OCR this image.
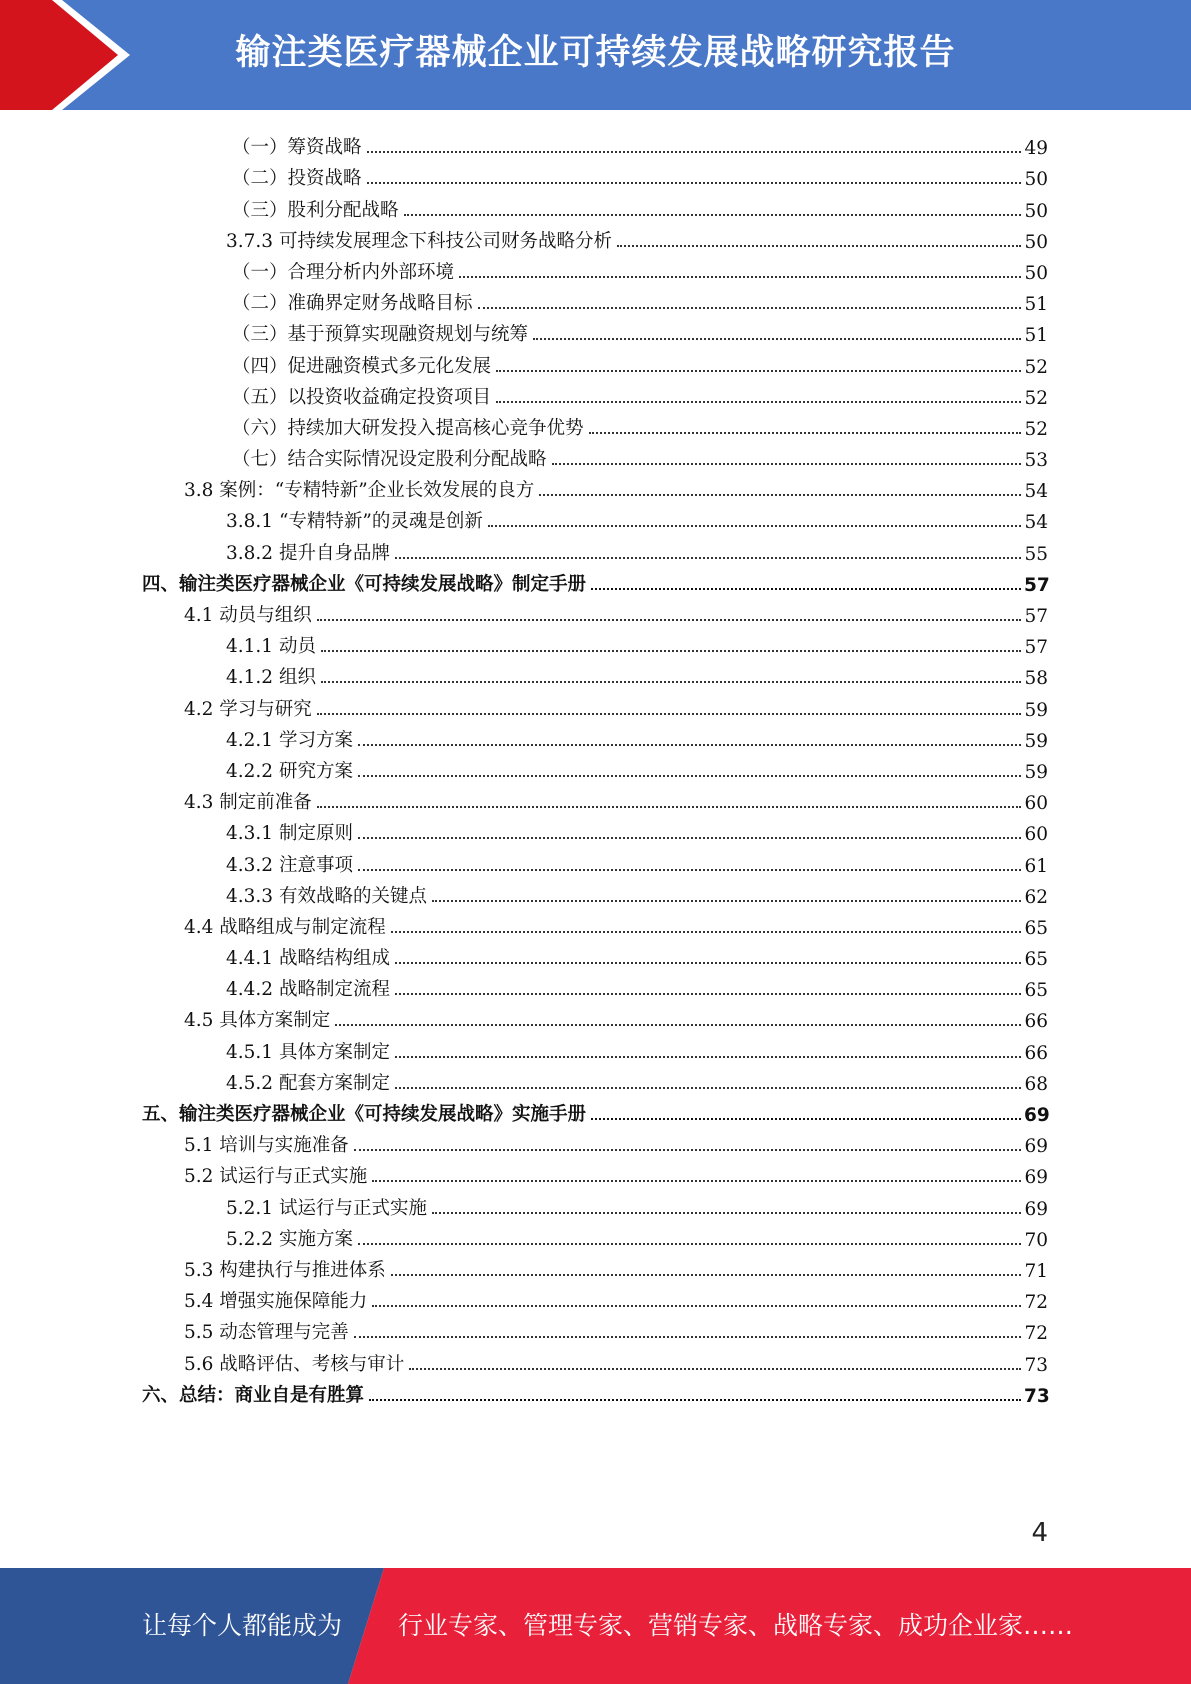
输注类医疗器械企业可持续发展战略研究报告
（一）筹资战略	49
（二）投资战略	50
（三）股利分配战略	50
3.7.3 可持续发展理念下科技公司财务战略分析	50
（一）合理分析内外部环境	50
（二）准确界定财务战略目标	51
（三）基于预算实现融资规划与统筹	51
（四）促进融资模式多元化发展	52
（五）以投资收益确定投资项目	52
（六）持续加大研发投入提高核心竞争优势	52
（七）结合实际情况设定股利分配战略	53
3.8 案例：“专精特新”企业长效发展的良方	54
3.8.1 “专精特新”的灵魂是创新	54
3.8.2 提升自身品牌	55
四、输注类医疗器械企业《可持续发展战略》制定手册	57
4.1 动员与组织	57
4.1.1 动员	57
4.1.2 组织	58
4.2 学习与研究	59
4.2.1 学习方案	59
4.2.2 研究方案	59
4.3 制定前准备	60
4.3.1 制定原则	60
4.3.2 注意事项	61
4.3.3 有效战略的关键点	62
4.4 战略组成与制定流程	65
4.4.1 战略结构组成	65
4.4.2 战略制定流程	65
4.5 具体方案制定	66
4.5.1 具体方案制定	66
4.5.2 配套方案制定	68
五、输注类医疗器械企业《可持续发展战略》实施手册	69
5.1 培训与实施准备	69
5.2 试运行与正式实施	69
5.2.1 试运行与正式实施	69
5.2.2 实施方案	70
5.3 构建执行与推进体系	71
5.4 增强实施保障能力	72
5.5 动态管理与完善	72
5.6 战略评估、考核与审计	73
六、总结：商业自是有胜算	73
4
让每个人都能成为 行业专家、管理专家、营销专家、战略专家、成功企业家……
